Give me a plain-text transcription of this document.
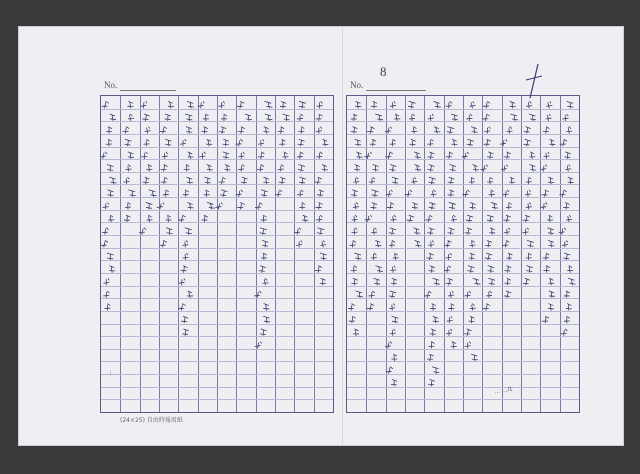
No.
(24×25) 自由時報用紙
…
No.
8
… …/1
